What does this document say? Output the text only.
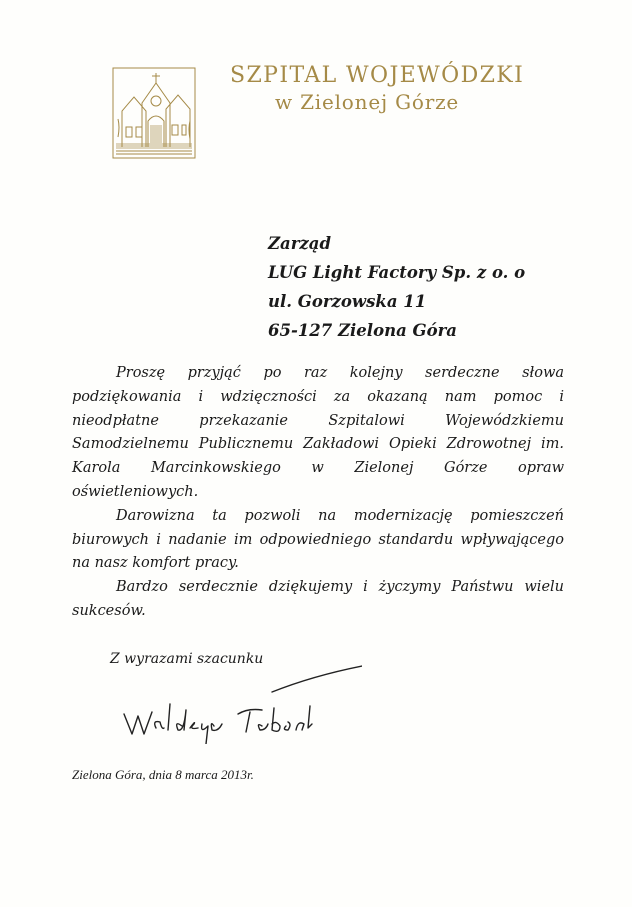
SZPITAL WOJEWÓDZKI
w Zielonej Górze
Zarząd
LUG Light Factory Sp. z o. o
ul. Gorzowska 11
65-127 Zielona Góra

Proszę przyjąć po raz kolejny serdeczne słowa podziękowania i wdzięczności za okazaną nam pomoc i nieodpłatne przekazanie Szpitalowi Wojewódzkiemu Samodzielnemu Publicznemu Zakładowi Opieki Zdrowotnej im. Karola Marcinkowskiego w Zielonej Górze opraw oświetleniowych.

Darowizna ta pozwoli na modernizację pomieszczeń biurowych i nadanie im odpowiedniego standardu wpływającego na nasz komfort pracy.

Bardzo serdecznie dziękujemy i życzymy Państwu wielu sukcesów.

Z wyrazami szacunku
Zielona Góra, dnia 8 marca 2013r.
